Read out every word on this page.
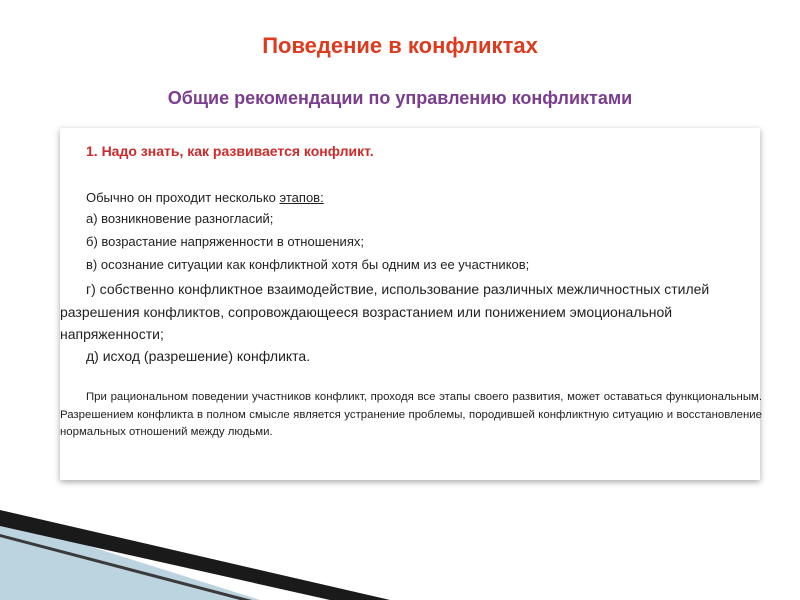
Поведение в конфликтах
Общие рекомендации по управлению конфликтами
1. Надо знать, как развивается конфликт.
Обычно он проходит несколько этапов:
а) возникновение разногласий;
б) возрастание напряженности в отношениях;
в) осознание ситуации как конфликтной хотя бы одним из ее участников;

г) собственно конфликтное взаимодействие, использование различных межличностных стилей разрешения конфликтов, сопровождающееся возрастанием или понижением эмоциональной напряженности;

д) исход (разрешение) конфликта.

При рациональном поведении участников конфликт, проходя все этапы своего развития, может оставаться функциональным. Разрешением конфликта в полном смысле является устранение проблемы, породившей конфликтную ситуацию и восстановление нормальных отношений между людьми.
